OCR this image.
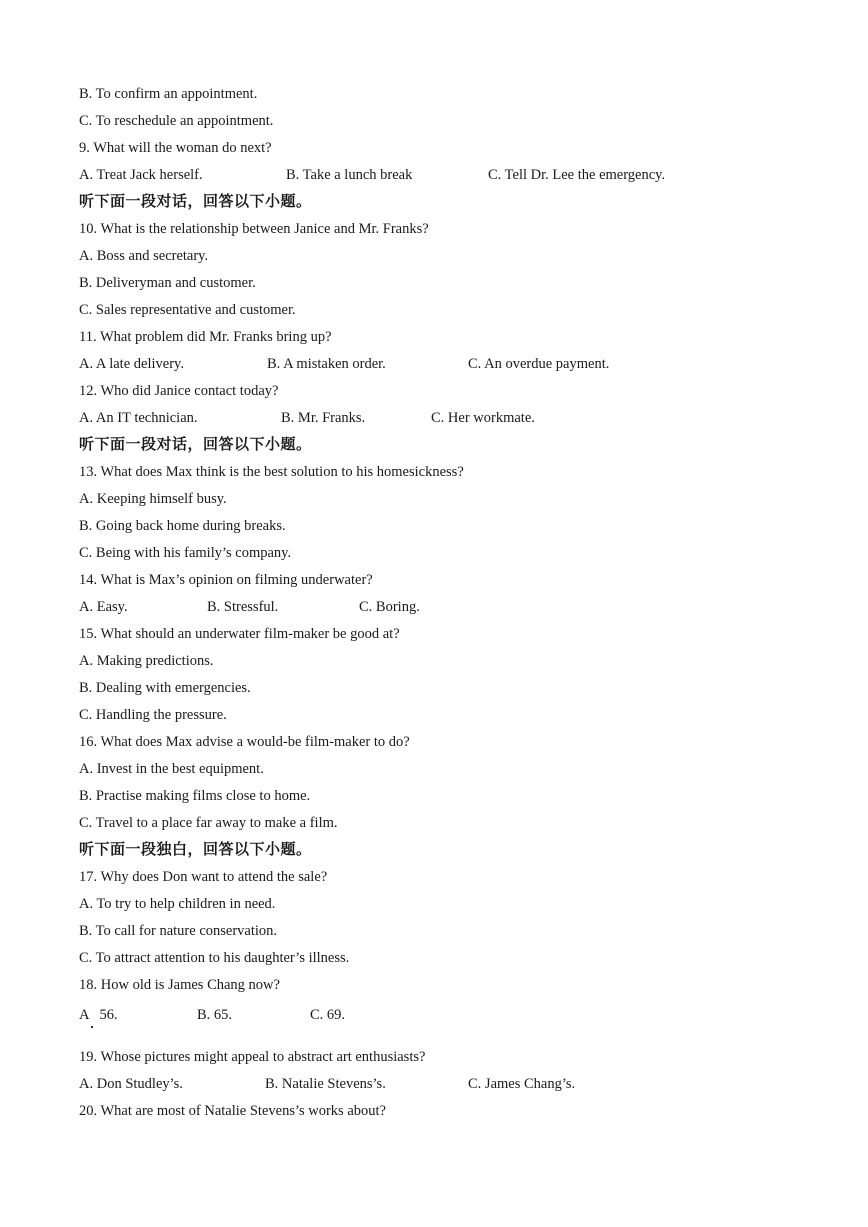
B. To confirm an appointment.
C. To reschedule an appointment.
9. What will the woman do next?
A. Treat Jack herself.	B. Take a lunch break	C. Tell Dr. Lee the emergency.
听下面一段对话，回答以下小题。
10. What is the relationship between Janice and Mr. Franks?
A. Boss and secretary.
B. Deliveryman and customer.
C. Sales representative and customer.
11. What problem did Mr. Franks bring up?
A. A late delivery.	B. A mistaken order.	C. An overdue payment.
12. Who did Janice contact today?
A. An IT technician.	B. Mr. Franks.	C. Her workmate.
听下面一段对话，回答以下小题。
13. What does Max think is the best solution to his homesickness?
A. Keeping himself busy.
B. Going back home during breaks.
C. Being with his family’s company.
14. What is Max’s opinion on filming underwater?
A. Easy.	B. Stressful.	C. Boring.
15. What should an underwater film-maker be good at?
A. Making predictions.
B. Dealing with emergencies.
C. Handling the pressure.
16. What does Max advise a would-be film-maker to do?
A. Invest in the best equipment.
B. Practise making films close to home.
C. Travel to a place far away to make a film.
听下面一段独白，回答以下小题。
17. Why does Don want to attend the sale?
A. To try to help children in need.
B. To call for nature conservation.
C. To attract attention to his daughter’s illness.
18. How old is James Chang now?
A   56.	B. 65.	C. 69.
19. Whose pictures might appeal to abstract art enthusiasts?
A. Don Studley’s.	B. Natalie Stevens’s.	C. James Chang’s.
20. What are most of Natalie Stevens’s works about?
